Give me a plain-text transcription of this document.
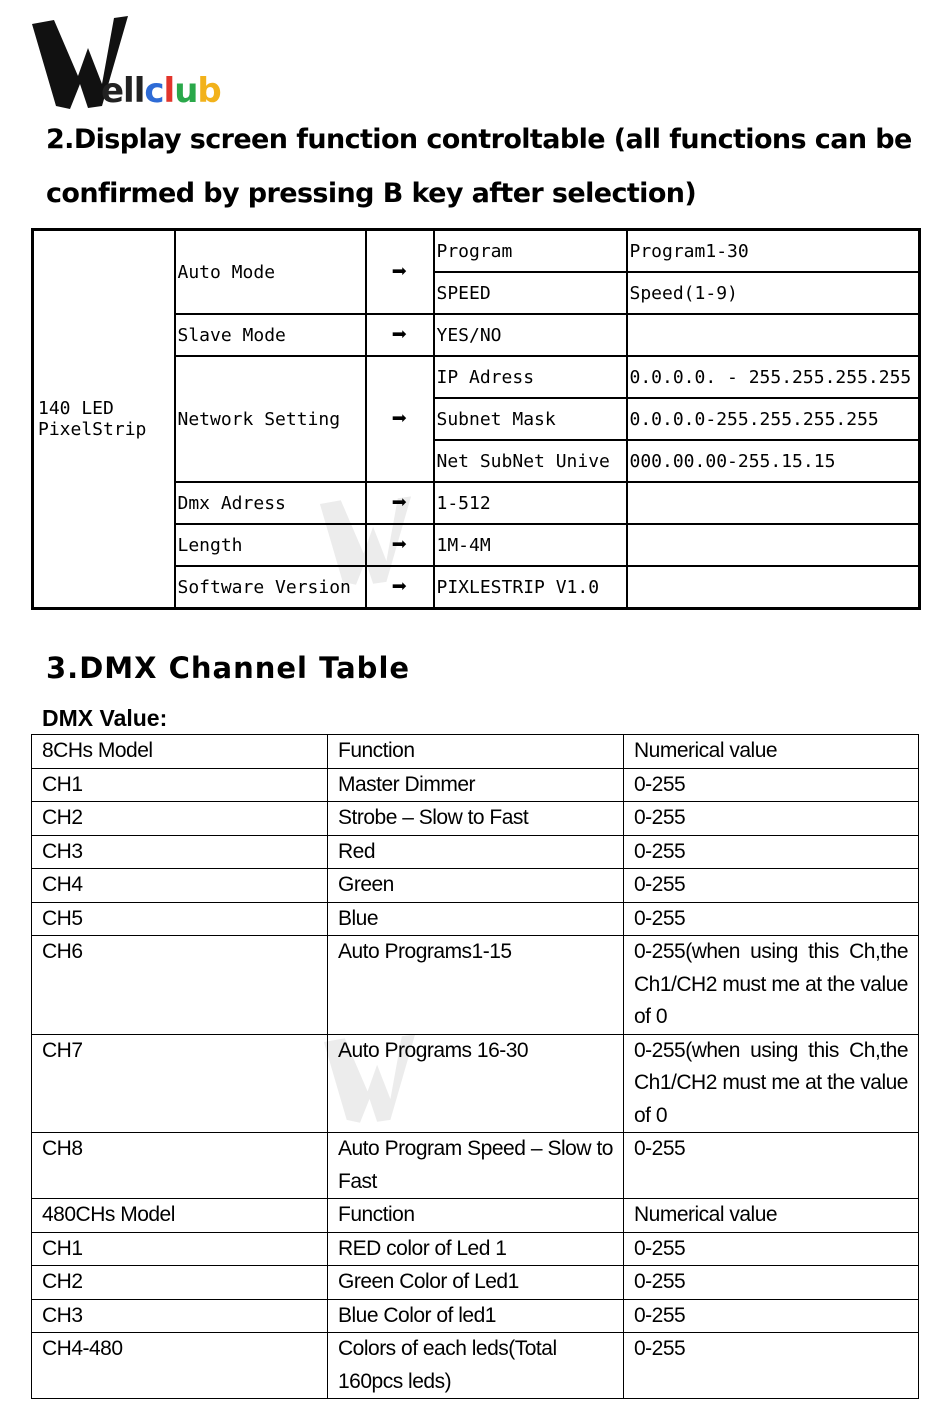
ellclub
2.Display screen function controltable (all functions can be
confirmed by pressing B key after selection)
140 LED PixelStrip	Auto Mode	➡	Program	Program1-30
			SPEED	Speed(1-9)
	Slave Mode	➡	YES/NO	
	Network Setting	➡	IP Adress	0.0.0.0. - 255.255.255.255
			Subnet Mask	0.0.0.0-255.255.255.255
			Net SubNet Unive	000.00.00-255.15.15
	Dmx Adress	➡	1-512	
	Length	➡	1M-4M	
	Software Version	➡	PIXLESTRIP V1.0	
3.DMX Channel Table
DMX Value:
8CHs Model	Function	Numerical value
CH1	Master Dimmer	0-255
CH2	Strobe – Slow to Fast	0-255
CH3	Red	0-255
CH4	Green	0-255
CH5	Blue	0-255
CH6	Auto Programs1-15	0-255(when using this Ch,the Ch1/CH2 must me at the value of 0
CH7	Auto Programs 16-30	0-255(when using this Ch,the Ch1/CH2 must me at the value of 0
CH8	Auto Program Speed – Slow to Fast	0-255
480CHs Model	Function	Numerical value
CH1	RED color of Led 1	0-255
CH2	Green Color of Led1	0-255
CH3	Blue Color of led1	0-255
CH4-480	Colors of each leds(Total 160pcs leds)	0-255
